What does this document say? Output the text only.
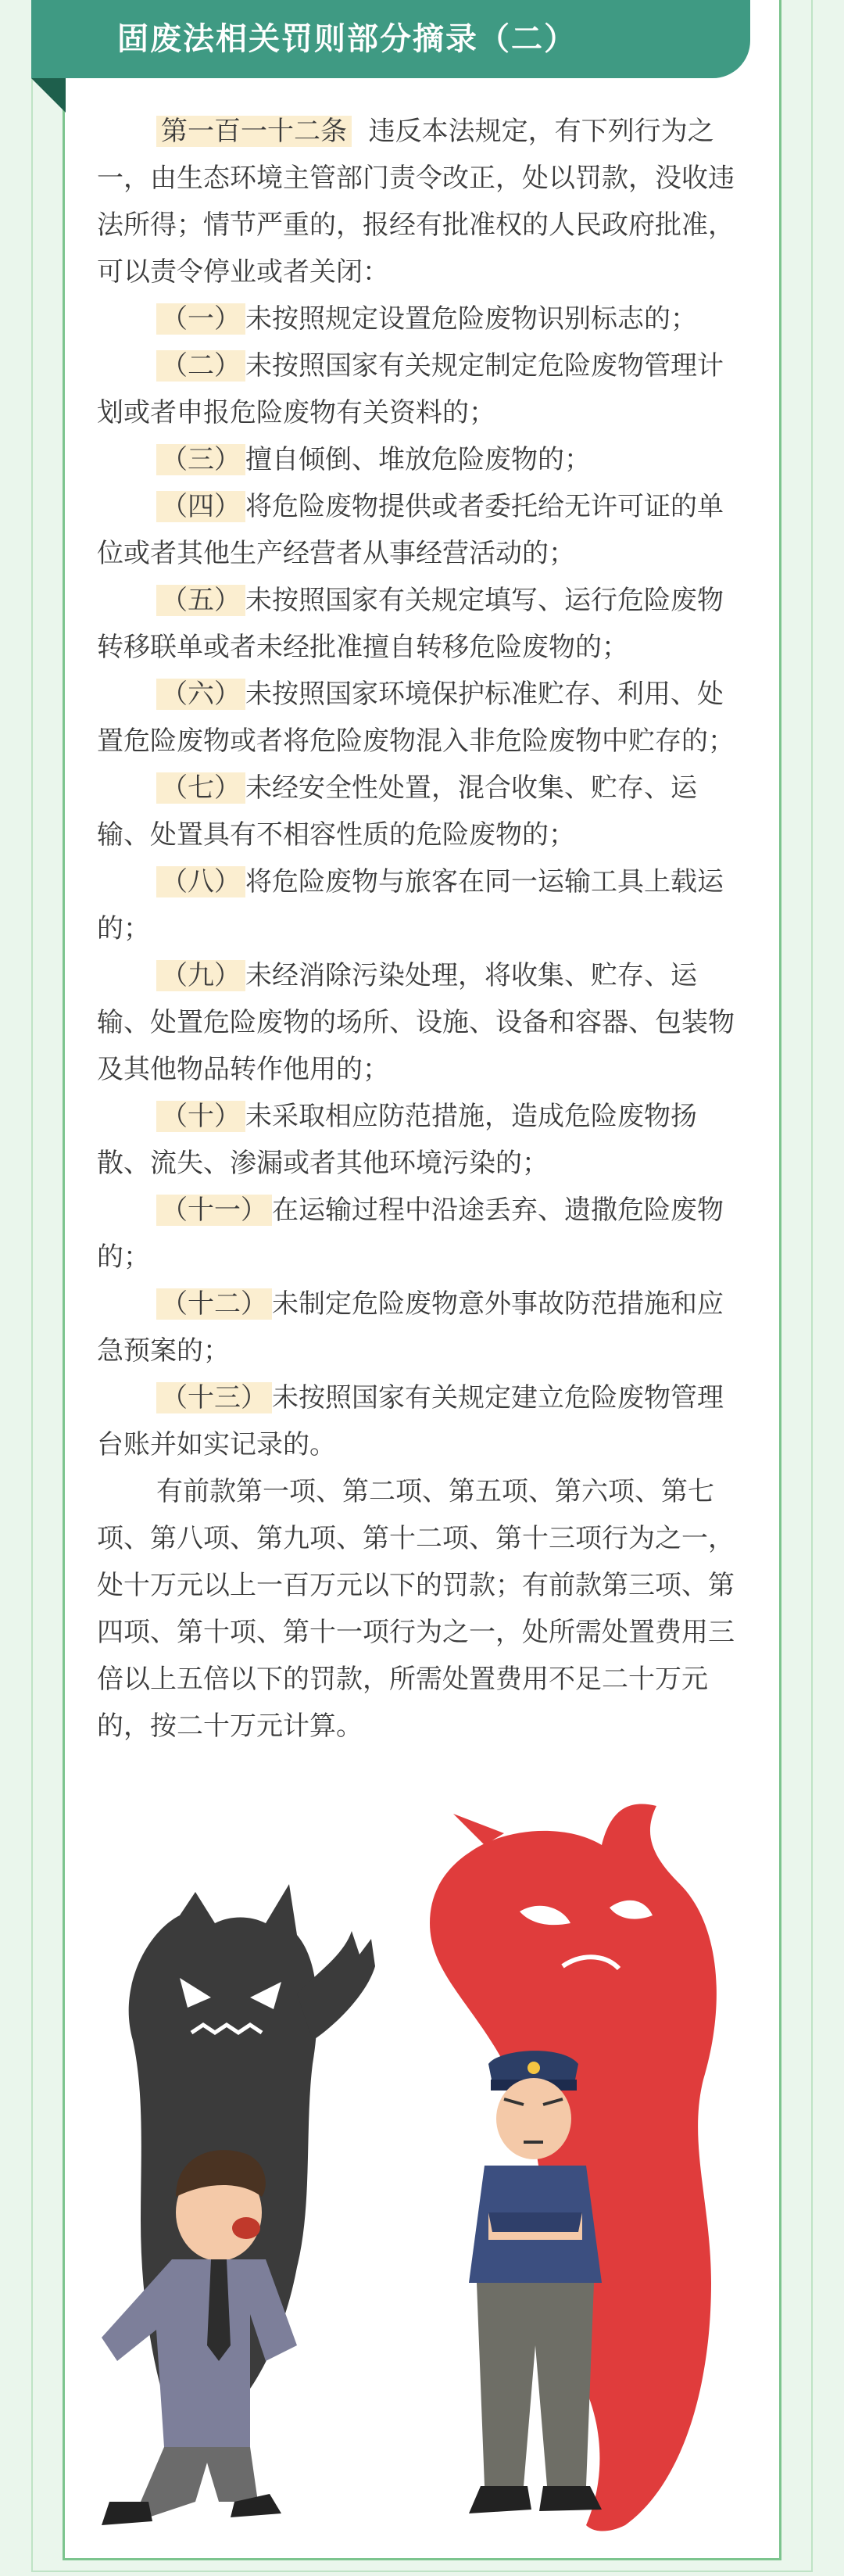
固废法相关罚则部分摘录（二）

第一百一十二条 违反本法规定，有下列行为之一，由生态环境主管部门责令改正，处以罚款，没收违法所得；情节严重的，报经有批准权的人民政府批准，可以责令停业或者关闭：

（一） 未按照规定设置危险废物识别标志的；

（二） 未按照国家有关规定制定危险废物管理计划或者申报危险废物有关资料的；

（三） 擅自倾倒、堆放危险废物的；

（四） 将危险废物提供或者委托给无许可证的单位或者其他生产经营者从事经营活动的；

（五） 未按照国家有关规定填写、运行危险废物转移联单或者未经批准擅自转移危险废物的；

（六） 未按照国家环境保护标准贮存、利用、处置危险废物或者将危险废物混入非危险废物中贮存的；

（七） 未经安全性处置，混合收集、贮存、运输、处置具有不相容性质的危险废物的；

（八） 将危险废物与旅客在同一运输工具上载运的；

（九） 未经消除污染处理，将收集、贮存、运输、处置危险废物的场所、设施、设备和容器、包装物及其他物品转作他用的；

（十） 未采取相应防范措施，造成危险废物扬散、流失、渗漏或者其他环境污染的；

（十一） 在运输过程中沿途丢弃、遗撒危险废物的；

（十二） 未制定危险废物意外事故防范措施和应急预案的；

（十三） 未按照国家有关规定建立危险废物管理台账并如实记录的。

有前款第一项、第二项、第五项、第六项、第七项、第八项、第九项、第十二项、第十三项行为之一，处十万元以上一百万元以下的罚款；有前款第三项、第四项、第十项、第十一项行为之一，处所需处置费用三倍以上五倍以下的罚款，所需处置费用不足二十万元的，按二十万元计算。
